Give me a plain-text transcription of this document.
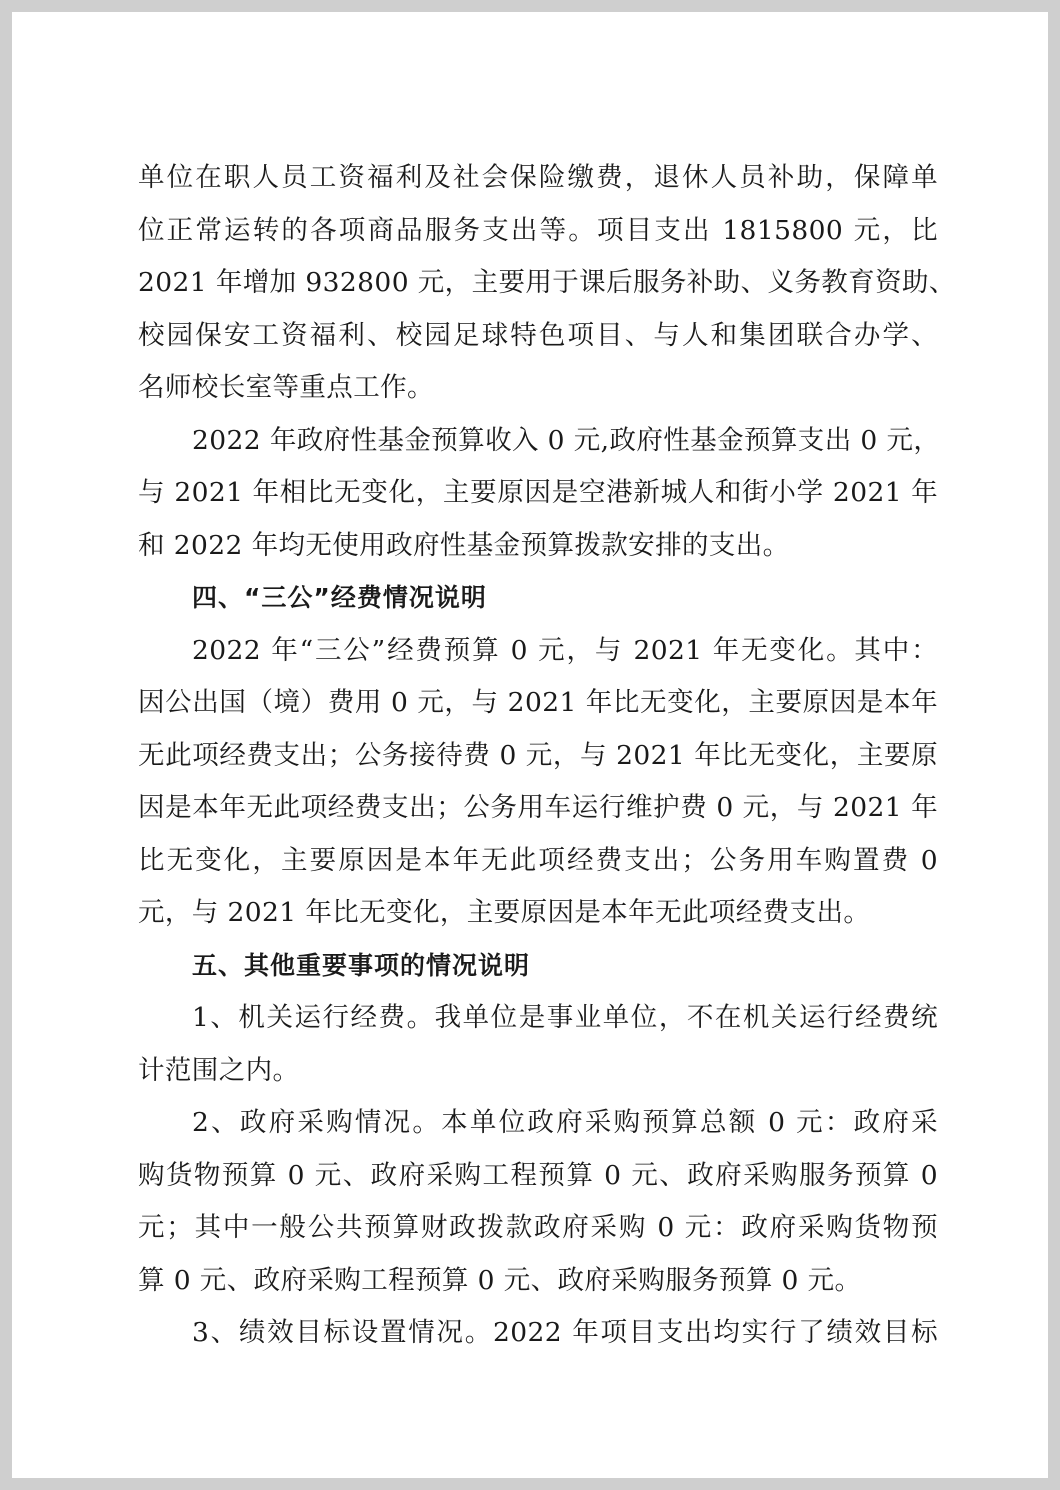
单位在职人员工资福利及社会保险缴费，退休人员补助，保障单
位正常运转的各项商品服务支出等。项目支出 1815800 元，比
2021 年增加 932800 元，主要用于课后服务补助、义务教育资助、
校园保安工资福利、校园足球特色项目、与人和集团联合办学、
名师校长室等重点工作。
2022 年政府性基金预算收入 0 元,政府性基金预算支出 0 元，
与 2021 年相比无变化，主要原因是空港新城人和街小学 2021 年
和 2022 年均无使用政府性基金预算拨款安排的支出。
四、“三公”经费情况说明
2022 年“三公”经费预算 0 元，与 2021 年无变化。其中：
因公出国（境）费用 0 元，与 2021 年比无变化，主要原因是本年
无此项经费支出；公务接待费 0 元，与 2021 年比无变化，主要原
因是本年无此项经费支出；公务用车运行维护费 0 元，与 2021 年
比无变化，主要原因是本年无此项经费支出；公务用车购置费 0
元，与 2021 年比无变化，主要原因是本年无此项经费支出。
五、其他重要事项的情况说明
1、机关运行经费。我单位是事业单位，不在机关运行经费统
计范围之内。
2、政府采购情况。本单位政府采购预算总额 0 元：政府采
购货物预算 0 元、政府采购工程预算 0 元、政府采购服务预算 0
元；其中一般公共预算财政拨款政府采购 0 元：政府采购货物预
算 0 元、政府采购工程预算 0 元、政府采购服务预算 0 元。
3、绩效目标设置情况。2022 年项目支出均实行了绩效目标
